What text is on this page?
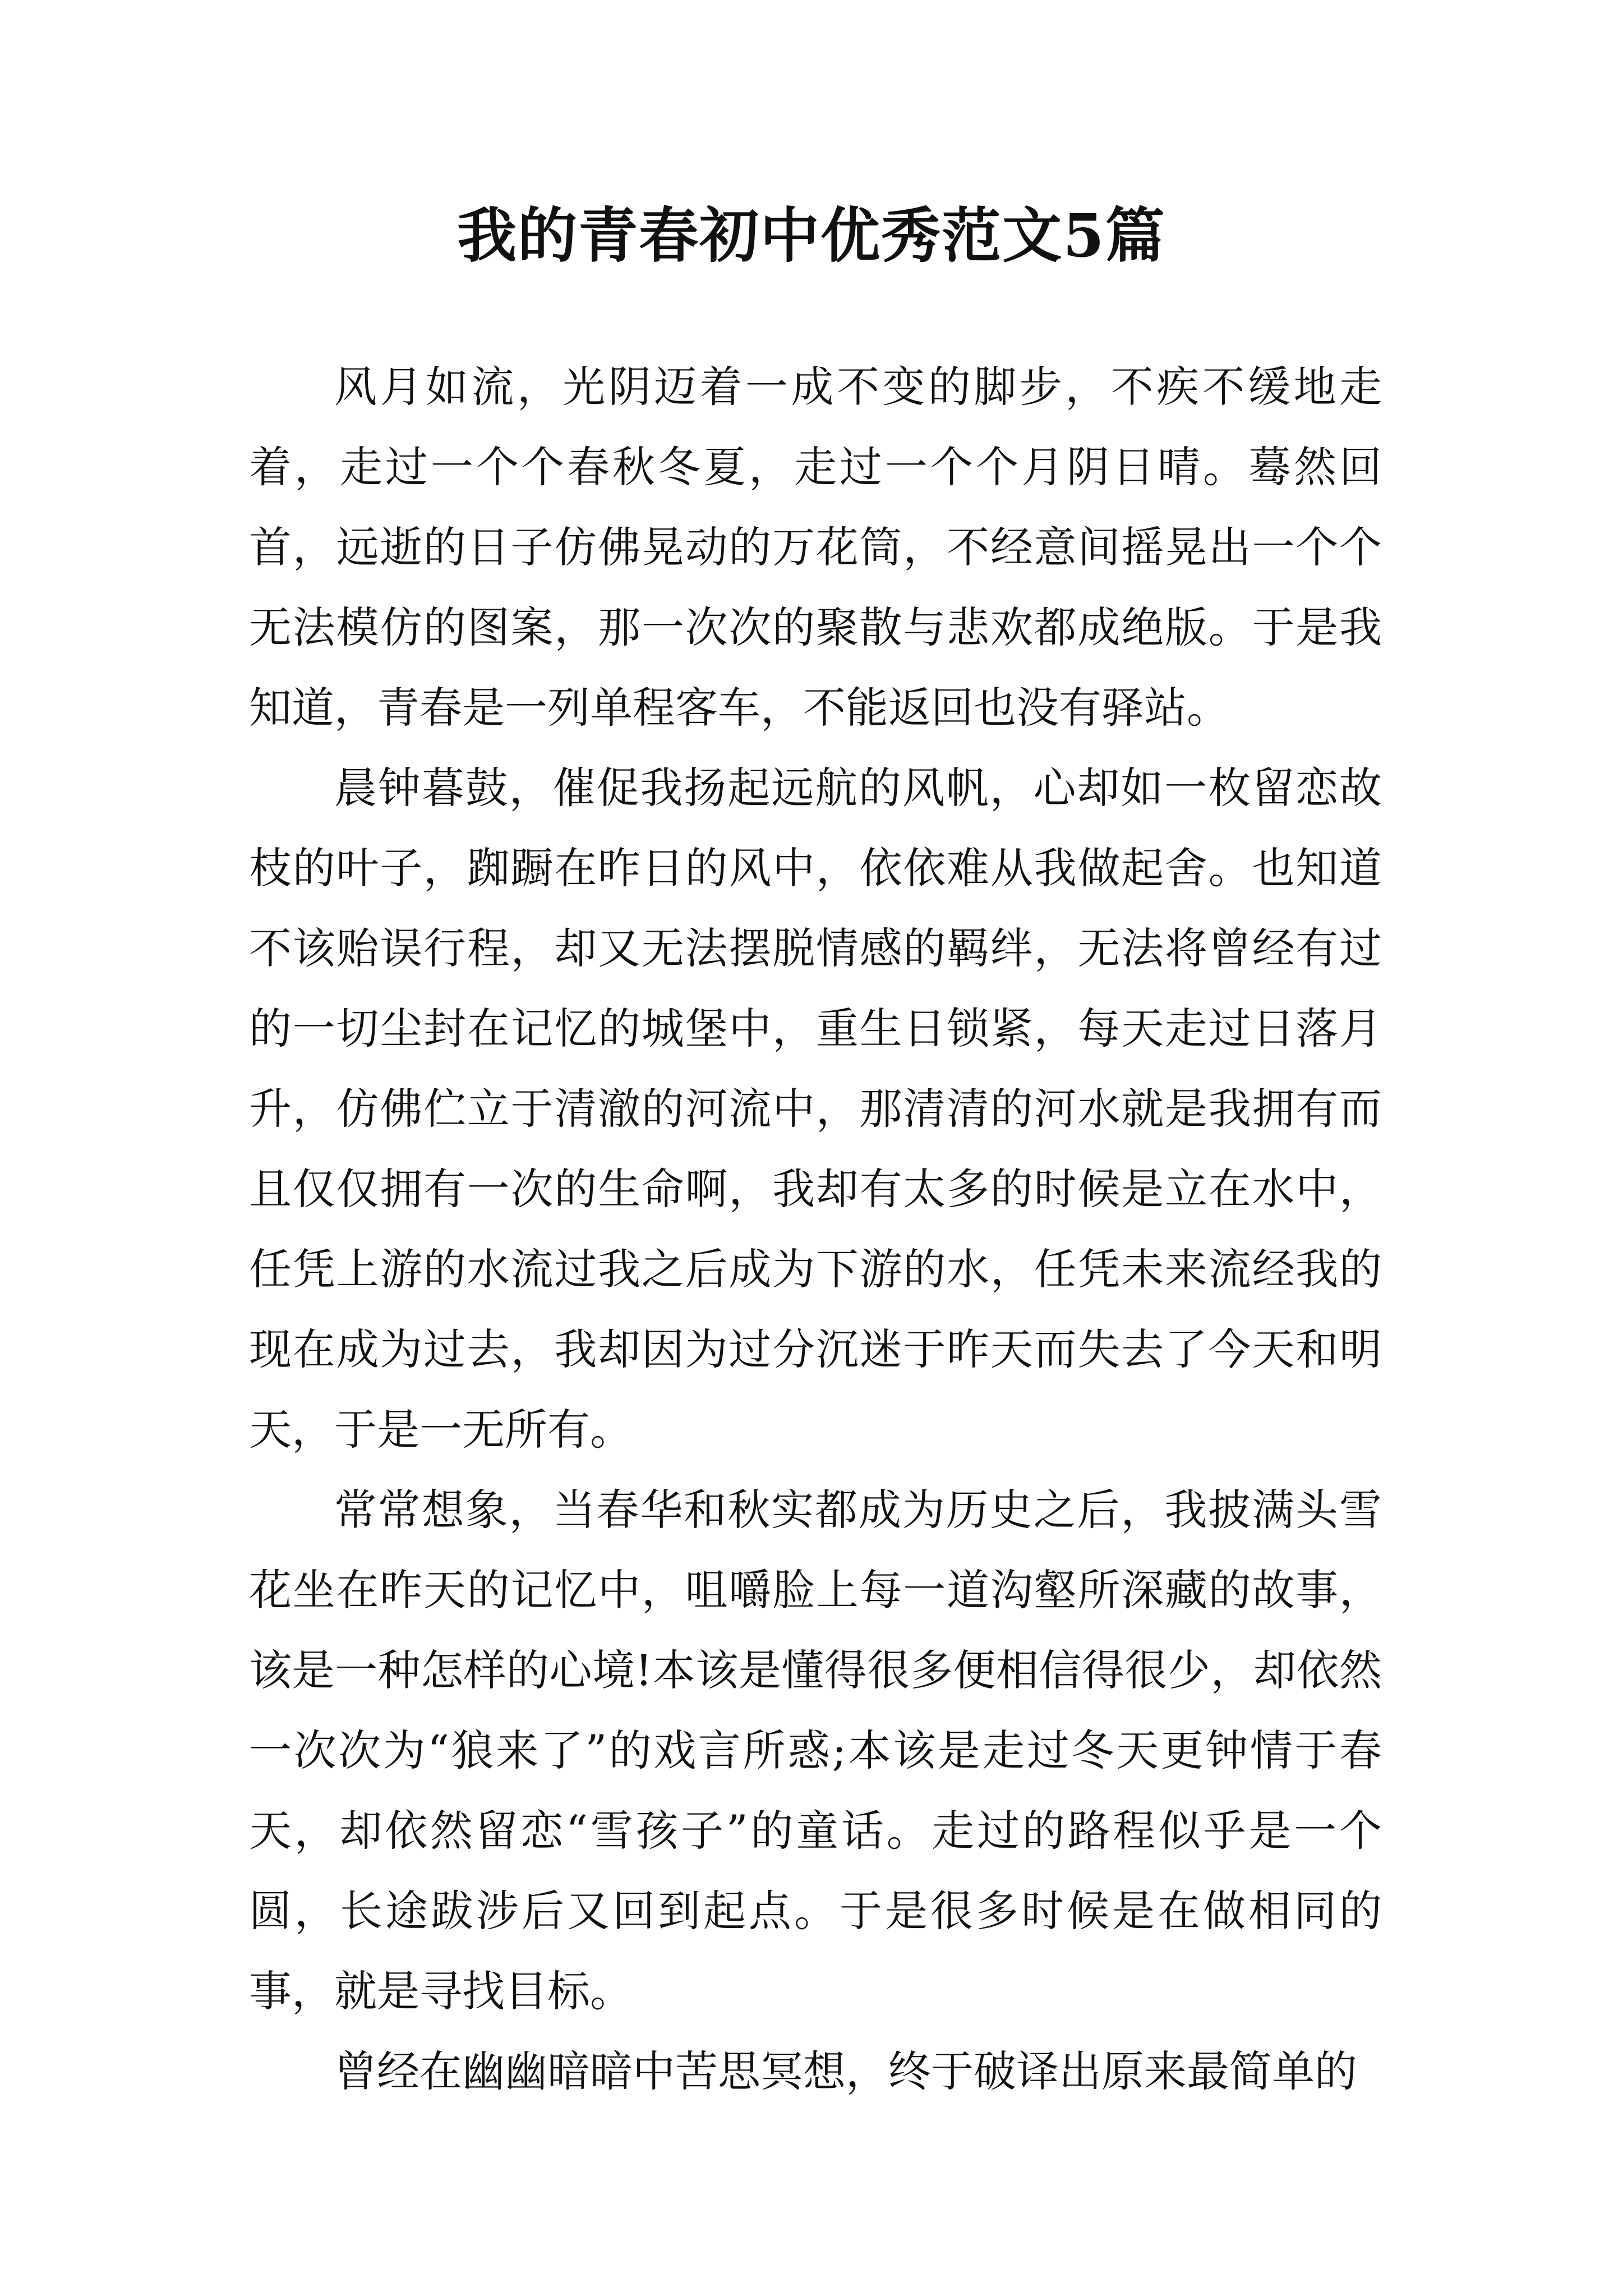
我的青春初中优秀范文5篇

风月如流，光阴迈着一成不变的脚步，不疾不缓地走着，走过一个个春秋冬夏，走过一个个月阴日晴。蓦然回首，远逝的日子仿佛晃动的万花筒，不经意间摇晃出一个个无法模仿的图案，那一次次的聚散与悲欢都成绝版。于是我知道，青春是一列单程客车，不能返回也没有驿站。

晨钟暮鼓，催促我扬起远航的风帆，心却如一枚留恋故枝的叶子，踟蹰在昨日的风中，依依难从我做起舍。也知道不该贻误行程，却又无法摆脱情感的羁绊，无法将曾经有过的一切尘封在记忆的城堡中，重生日锁紧，每天走过日落月升，仿佛伫立于清澈的河流中，那清清的河水就是我拥有而且仅仅拥有一次的生命啊，我却有太多的时候是立在水中，任凭上游的水流过我之后成为下游的水，任凭未来流经我的现在成为过去，我却因为过分沉迷于昨天而失去了今天和明天，于是一无所有。

常常想象，当春华和秋实都成为历史之后，我披满头雪花坐在昨天的记忆中，咀嚼脸上每一道沟壑所深藏的故事，该是一种怎样的心境!本该是懂得很多便相信得很少，却依然一次次为“狼来了”的戏言所惑;本该是走过冬天更钟情于春天，却依然留恋“雪孩子”的童话。走过的路程似乎是一个圆，长途跋涉后又回到起点。于是很多时候是在做相同的事，就是寻找目标。

曾经在幽幽暗暗中苦思冥想，终于破译出原来最简单的
